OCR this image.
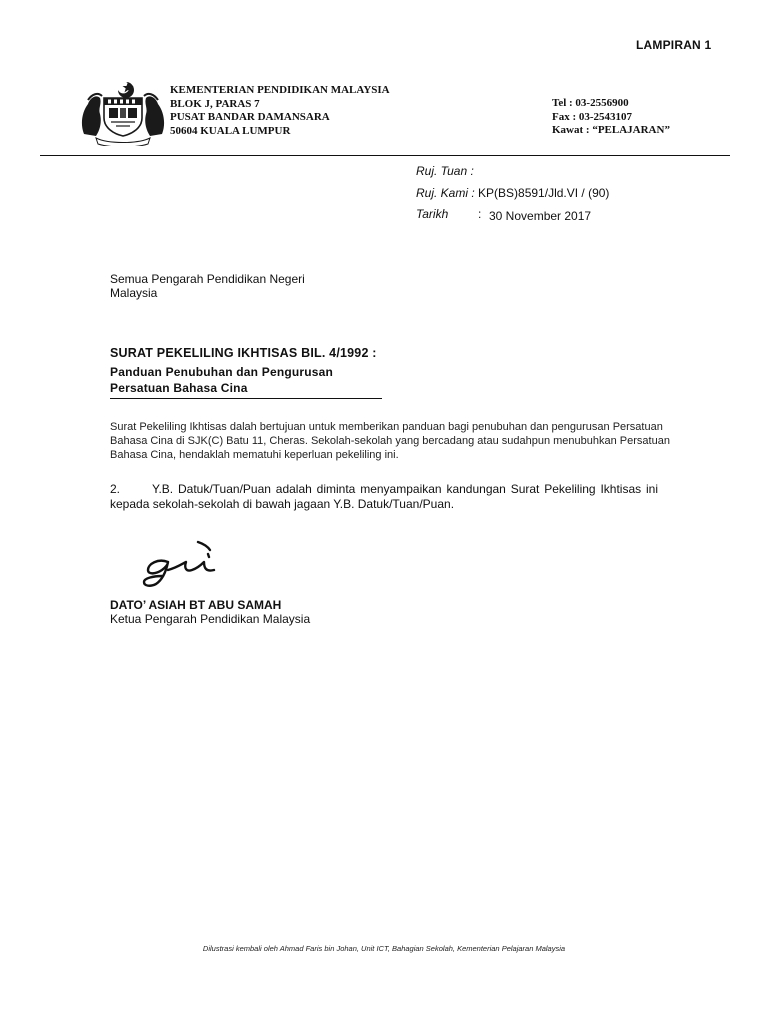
LAMPIRAN 1
KEMENTERIAN PENDIDIKAN MALAYSIA
BLOK J, PARAS 7
PUSAT BANDAR DAMANSARA
50604 KUALA LUMPUR
Tel : 03-2556900
Fax : 03-2543107
Kawat : “PELAJARAN”
Ruj. Tuan :
Ruj. Kami : KP(BS)8591/Jld.VI / (90)
Tarikh : 30 November 2017
Semua Pengarah Pendidikan Negeri
Malaysia
SURAT PEKELILING IKHTISAS BIL. 4/1992 :
Panduan Penubuhan dan Pengurusan
Persatuan Bahasa Cina
Surat Pekeliling Ikhtisas dalah bertujuan untuk memberikan panduan bagi penubuhan dan pengurusan Persatuan Bahasa Cina di SJK(C) Batu 11, Cheras. Sekolah-sekolah yang bercadang atau sudahpun menubuhkan Persatuan Bahasa Cina, hendaklah mematuhi keperluan pekeliling ini.
2.	Y.B. Datuk/Tuan/Puan adalah diminta menyampaikan kandungan Surat Pekeliling Ikhtisas ini kepada sekolah-sekolah di bawah jagaan Y.B. Datuk/Tuan/Puan.
DATO’ ASIAH BT ABU SAMAH
Ketua Pengarah Pendidikan Malaysia
Dilustrasi kembali oleh Ahmad Faris bin Johan, Unit ICT, Bahagian Sekolah, Kementerian Pelajaran Malaysia
